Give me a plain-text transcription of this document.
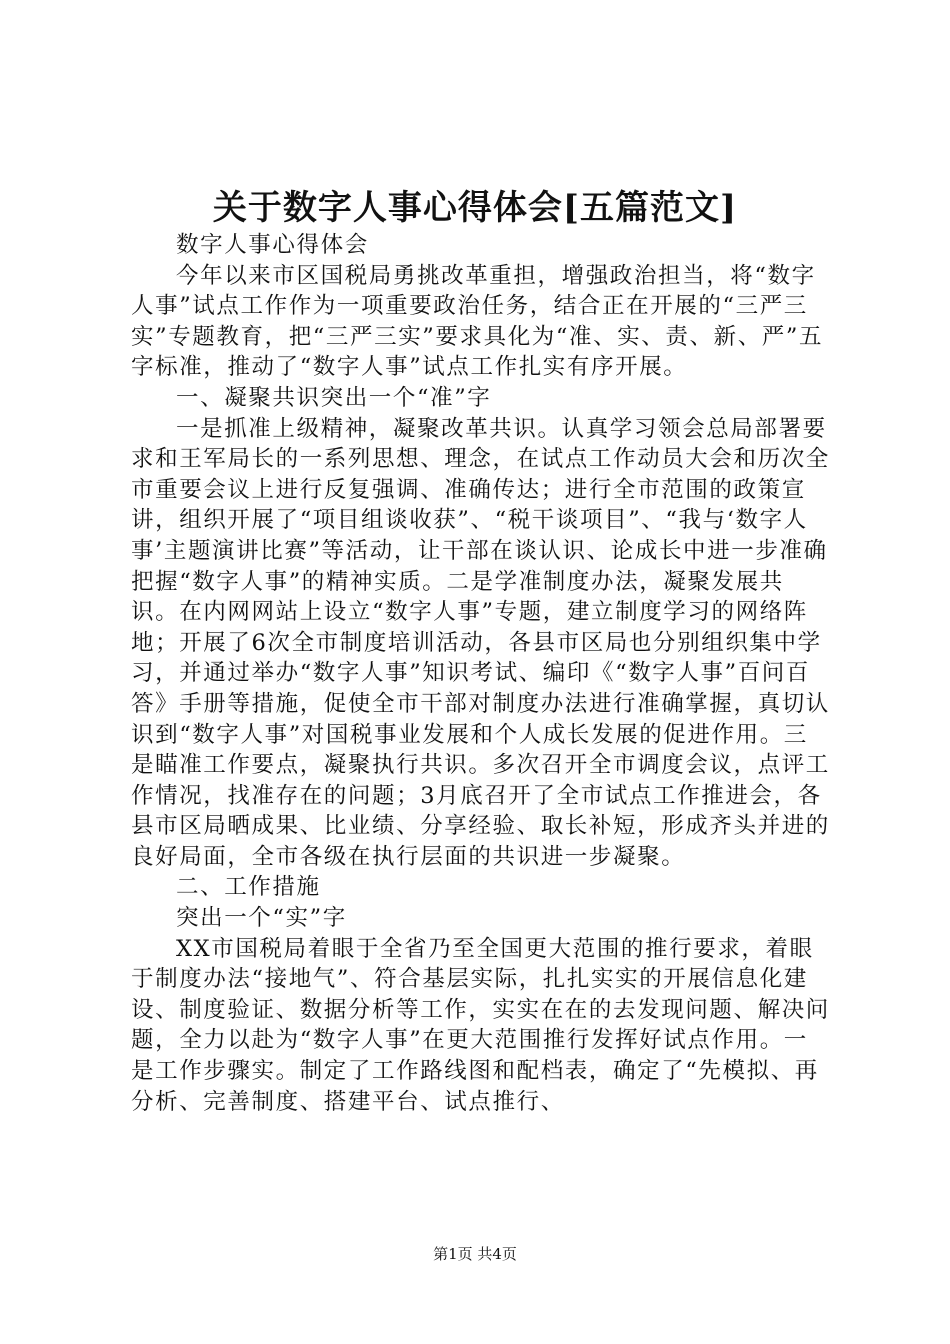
关于数字人事心得体会[五篇范文]

数字人事心得体会

今年以来市区国税局勇挑改革重担，增强政治担当，将“数字人事”试点工作作为一项重要政治任务，结合正在开展的“三严三实”专题教育，把“三严三实”要求具化为“准、实、责、新、严”五字标准，推动了“数字人事”试点工作扎实有序开展。

一、凝聚共识突出一个“准”字

一是抓准上级精神，凝聚改革共识。认真学习领会总局部署要求和王军局长的一系列思想、理念，在试点工作动员大会和历次全市重要会议上进行反复强调、准确传达；进行全市范围的政策宣讲，组织开展了“项目组谈收获”、“税干谈项目”、“我与‘数字人事’主题演讲比赛”等活动，让干部在谈认识、论成长中进一步准确把握“数字人事”的精神实质。二是学准制度办法，凝聚发展共识。在内网网站上设立“数字人事”专题，建立制度学习的网络阵地；开展了6次全市制度培训活动，各县市区局也分别组织集中学习，并通过举办“数字人事”知识考试、编印《“数字人事”百问百答》手册等措施，促使全市干部对制度办法进行准确掌握，真切认识到“数字人事”对国税事业发展和个人成长发展的促进作用。三是瞄准工作要点，凝聚执行共识。多次召开全市调度会议，点评工作情况，找准存在的问题；3月底召开了全市试点工作推进会，各县市区局晒成果、比业绩、分享经验、取长补短，形成齐头并进的良好局面，全市各级在执行层面的共识进一步凝聚。

二、工作措施

突出一个“实”字

XX市国税局着眼于全省乃至全国更大范围的推行要求，着眼于制度办法“接地气”、符合基层实际，扎扎实实的开展信息化建设、制度验证、数据分析等工作，实实在在的去发现问题、解决问题，全力以赴为“数字人事”在更大范围推行发挥好试点作用。一是工作步骤实。制定了工作路线图和配档表，确定了“先模拟、再分析、完善制度、搭建平台、试点推行、

第1页 共4页
